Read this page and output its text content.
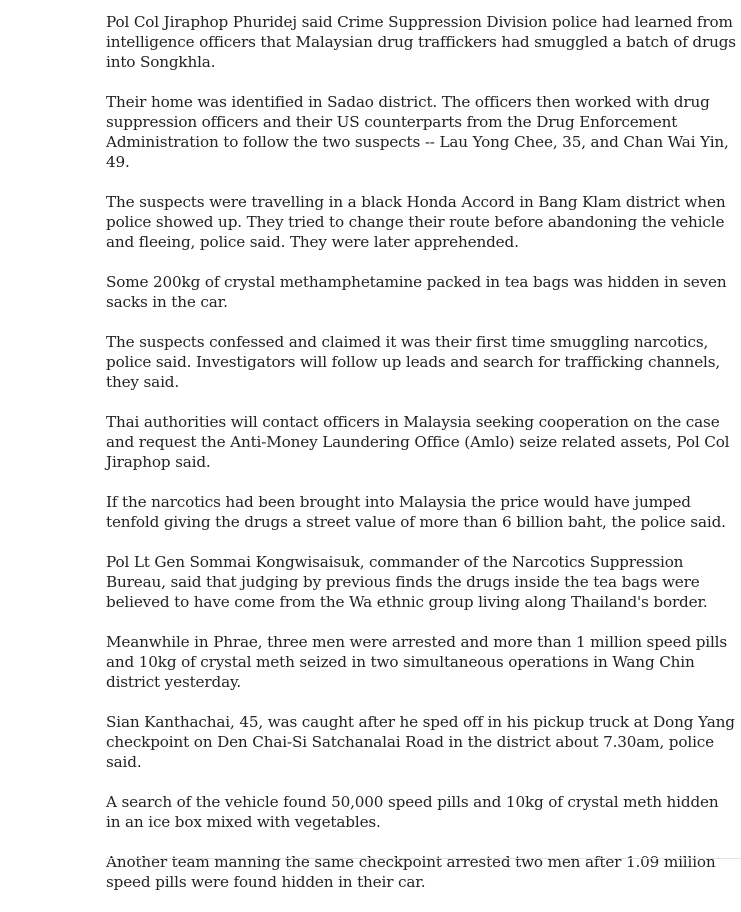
Pol Col Jiraphop Phuridej said Crime Suppression Division police had learned from intelligence officers that Malaysian drug traffickers had smuggled a batch of drugs into Songkhla.

Their home was identified in Sadao district. The officers then worked with drug suppression officers and their US counterparts from the Drug Enforcement Administration to follow the two suspects -- Lau Yong Chee, 35, and Chan Wai Yin, 49.

The suspects were travelling in a black Honda Accord in Bang Klam district when police showed up. They tried to change their route before abandoning the vehicle and fleeing, police said. They were later apprehended.

Some 200kg of crystal methamphetamine packed in tea bags was hidden in seven sacks in the car.

The suspects confessed and claimed it was their first time smuggling narcotics, police said. Investigators will follow up leads and search for trafficking channels, they said.

Thai authorities will contact officers in Malaysia seeking cooperation on the case and request the Anti-Money Laundering Office (Amlo) seize related assets, Pol Col Jiraphop said.

If the narcotics had been brought into Malaysia the price would have jumped tenfold giving the drugs a street value of more than 6 billion baht, the police said.

Pol Lt Gen Sommai Kongwisaisuk, commander of the Narcotics Suppression Bureau, said that judging by previous finds the drugs inside the tea bags were believed to have come from the Wa ethnic group living along Thailand's border.

Meanwhile in Phrae, three men were arrested and more than 1 million speed pills and 10kg of crystal meth seized in two simultaneous operations in Wang Chin district yesterday.

Sian Kanthachai, 45, was caught after he sped off in his pickup truck at Dong Yang checkpoint on Den Chai-Si Satchanalai Road in the district about 7.30am, police said.

A search of the vehicle found 50,000 speed pills and 10kg of crystal meth hidden in an ice box mixed with vegetables.

Another team manning the same checkpoint arrested two men after 1.09 million speed pills were found hidden in their car.
